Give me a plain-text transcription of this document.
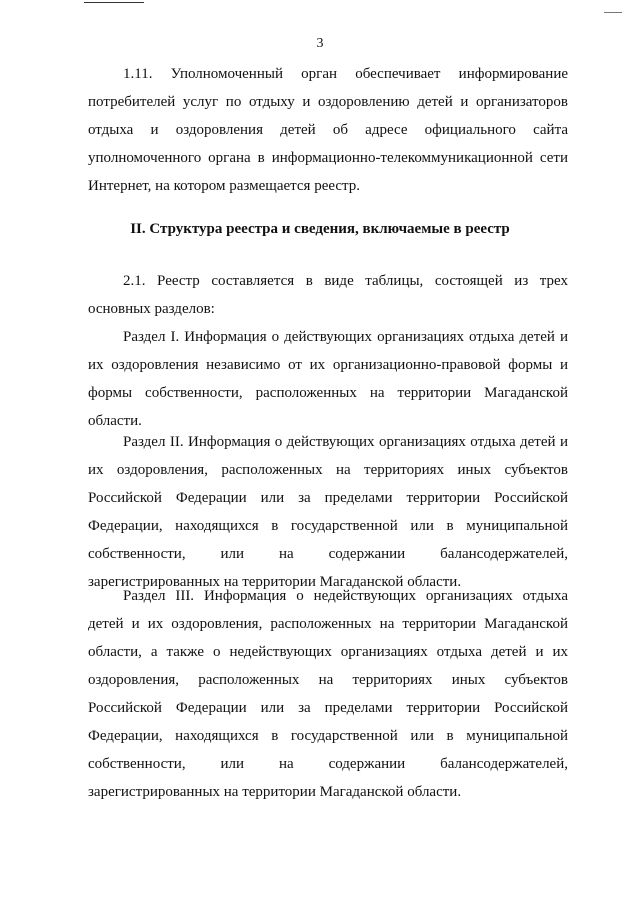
3

1.11. Уполномоченный орган обеспечивает информирование потребителей услуг по отдыху и оздоровлению детей и организаторов отдыха и оздоровления детей об адресе официального сайта уполномоченного органа в информационно-телекоммуникационной сети Интернет, на котором размещается реестр.

II. Структура реестра и сведения, включаемые в реестр

2.1. Реестр составляется в виде таблицы, состоящей из трех основных разделов:

Раздел I. Информация о действующих организациях отдыха детей и их оздоровления независимо от их организационно-правовой формы и формы собственности, расположенных на территории Магаданской области.

Раздел II. Информация о действующих организациях отдыха детей и их оздоровления, расположенных на территориях иных субъектов Российской Федерации или за пределами территории Российской Федерации, находящихся в государственной или в муниципальной собственности, или на содержании балансодержателей, зарегистрированных на территории Магаданской области.

Раздел III. Информация о недействующих организациях отдыха детей и их оздоровления, расположенных на территории Магаданской области, а также о недействующих организациях отдыха детей и их оздоровления, расположенных на территориях иных субъектов Российской Федерации или за пределами территории Российской Федерации, находящихся в государственной или в муниципальной собственности, или на содержании балансодержателей, зарегистрированных на территории Магаданской области.
